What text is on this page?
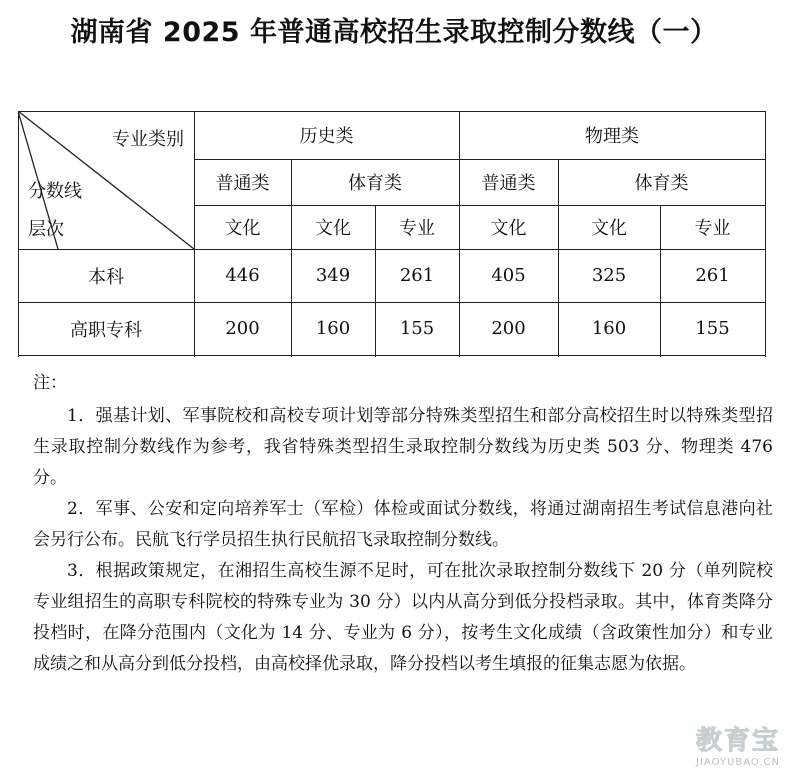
湖南省 2025 年普通高校招生录取控制分数线（一）
专业类别
分数线
层次
历史类	物理类
普通类	体育类	普通类	体育类
文化	文化	专业	文化	文化	专业
本科	446	349	261	405	325	261
高职专科	200	160	155	200	160	155
注：

1．强基计划、军事院校和高校专项计划等部分特殊类型招生和部分高校招生时以特殊类型招生录取控制分数线作为参考，我省特殊类型招生录取控制分数线为历史类 503 分、物理类 476 分。

2．军事、公安和定向培养军士（军检）体检或面试分数线，将通过湖南招生考试信息港向社会另行公布。民航飞行学员招生执行民航招飞录取控制分数线。

3．根据政策规定，在湘招生高校生源不足时，可在批次录取控制分数线下 20 分（单列院校专业组招生的高职专科院校的特殊专业为 30 分）以内从高分到低分投档录取。其中，体育类降分投档时，在降分范围内（文化为 14 分、专业为 6 分），按考生文化成绩（含政策性加分）和专业成绩之和从高分到低分投档，由高校择优录取，降分投档以考生填报的征集志愿为依据。

教育宝
JIAOYUBAO.CN
